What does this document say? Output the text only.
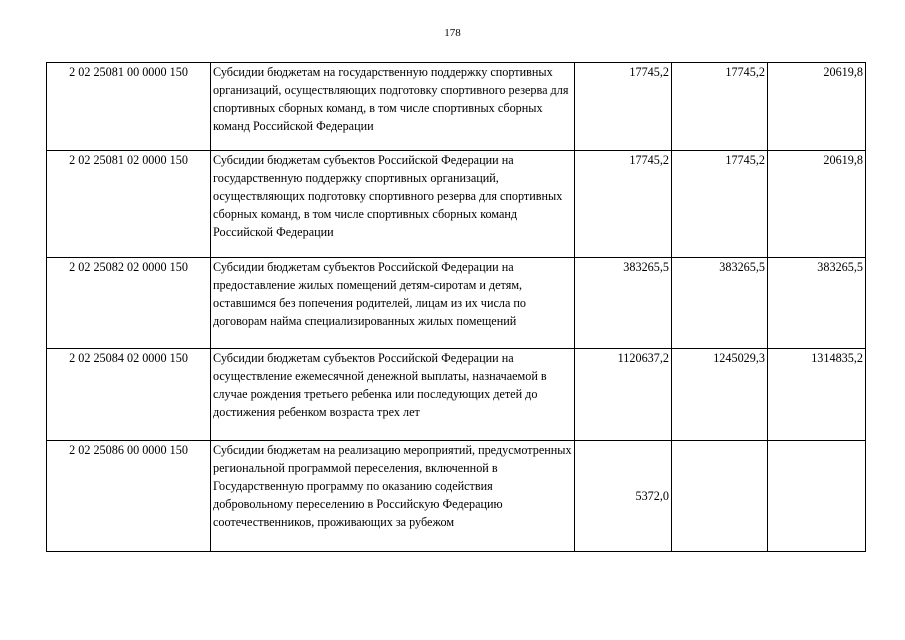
178
2 02 25081 00 0000 150	Субсидии бюджетам на государственную поддержку спортивных организаций, осуществляющих подготовку спортивного резерва для спортивных сборных команд, в том числе спортивных сборных команд Российской Федерации	17745,2	17745,2	20619,8
2 02 25081 02 0000 150	Субсидии бюджетам субъектов Российской Федерации на государственную поддержку спортивных организаций, осуществляющих подготовку спортивного резерва для спортивных сборных команд, в том числе спортивных сборных команд Российской Федерации	17745,2	17745,2	20619,8
2 02 25082 02 0000 150	Субсидии бюджетам субъектов Российской Федерации на предоставление жилых помещений детям-сиротам и детям, оставшимся без попечения родителей, лицам из их числа по договорам найма специализированных жилых помещений	383265,5	383265,5	383265,5
2 02 25084 02 0000 150	Субсидии бюджетам субъектов Российской Федерации на осуществление ежемесячной денежной выплаты, назначаемой в случае рождения третьего ребенка или последующих детей до достижения ребенком возраста трех лет	1120637,2	1245029,3	1314835,2
2 02 25086 00 0000 150	Субсидии бюджетам на реализацию мероприятий, предусмотренных региональной программой переселения, включенной в Государственную программу по оказанию содействия добровольному переселению в Российскую Федерацию соотечественников, проживающих за рубежом	5372,0		
